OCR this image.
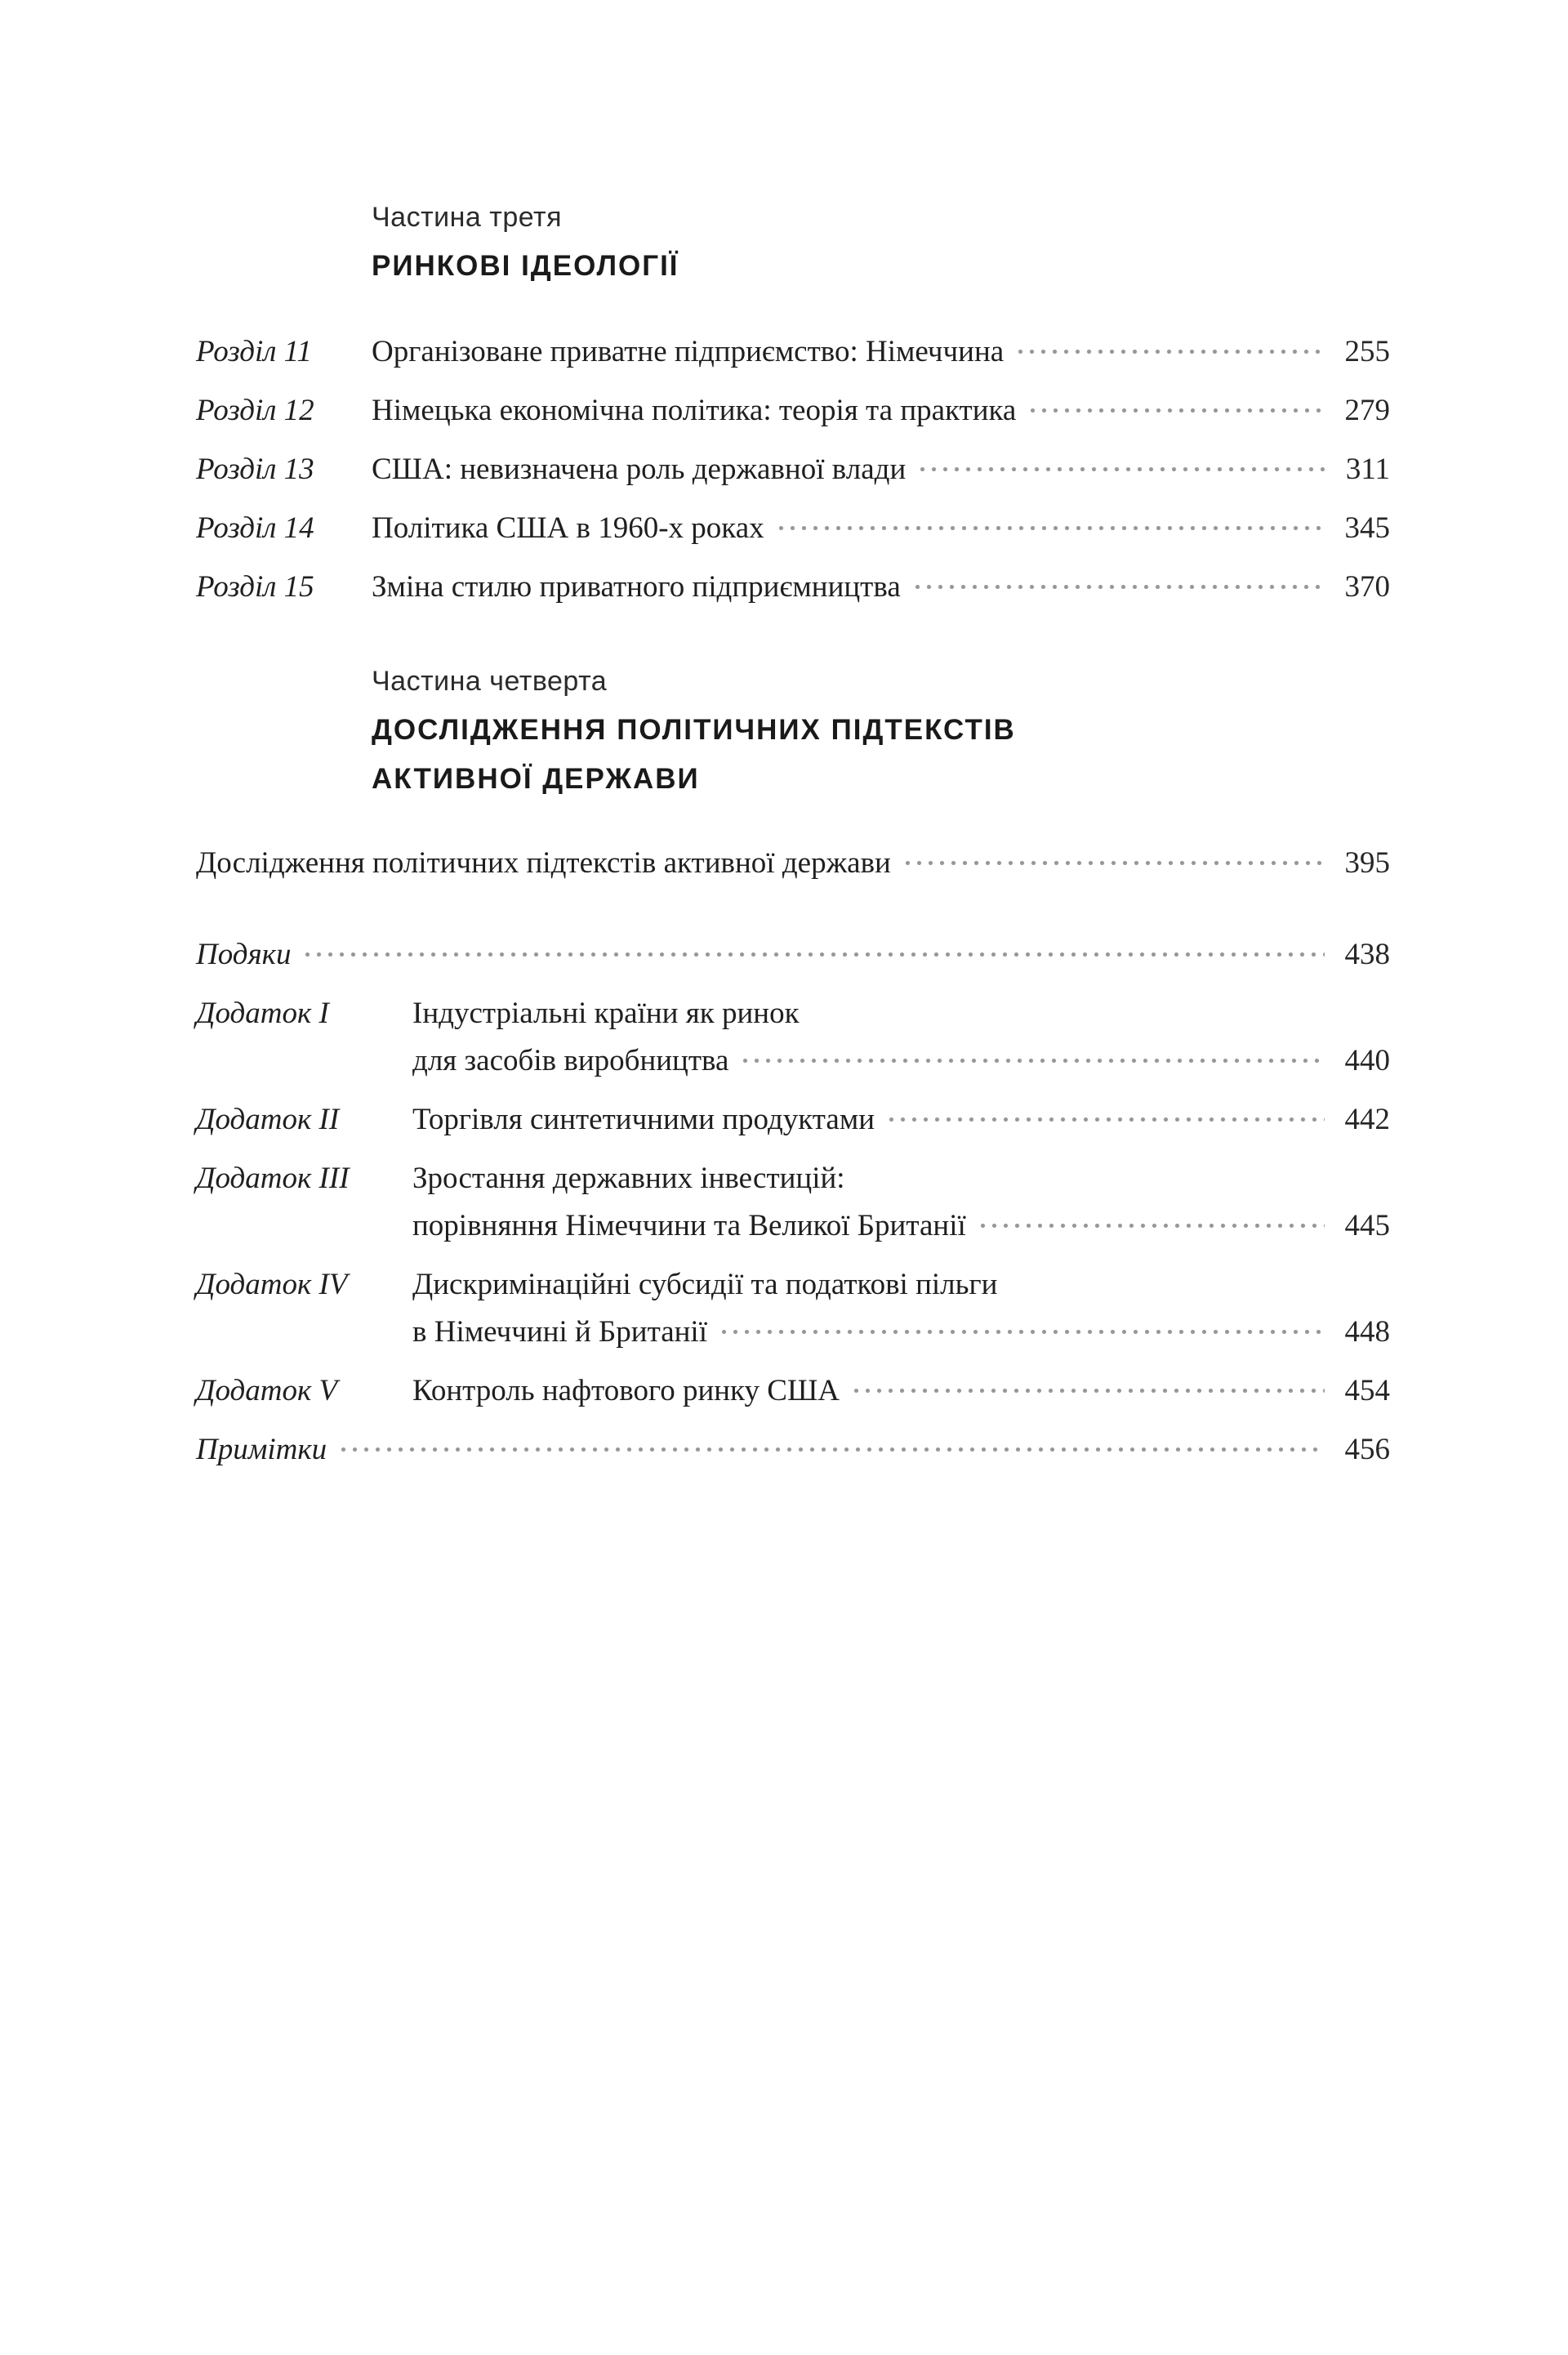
Частина третя
РИНКОВІ ІДЕОЛОГІЇ
Розділ 11	Організоване приватне підприємство: Німеччина	255
Розділ 12	Німецька економічна політика: теорія та практика	279
Розділ 13	США: невизначена роль державної влади	311
Розділ 14	Політика США в 1960-х роках	345
Розділ 15	Зміна стилю приватного підприємництва	370
Частина четверта
ДОСЛІДЖЕННЯ ПОЛІТИЧНИХ ПІДТЕКСТІВ
АКТИВНОЇ ДЕРЖАВИ
Дослідження політичних підтекстів активної держави	395
Подяки	438
Додаток I	Індустріальні країни як ринок
для засобів виробництва	440
Додаток II	Торгівля синтетичними продуктами	442
Додаток III	Зростання державних інвестицій:
порівняння Німеччини та Великої Британії	445
Додаток IV	Дискримінаційні субсидії та податкові пільги
в Німеччині й Британії	448
Додаток V	Контроль нафтового ринку США	454
Примітки	456
